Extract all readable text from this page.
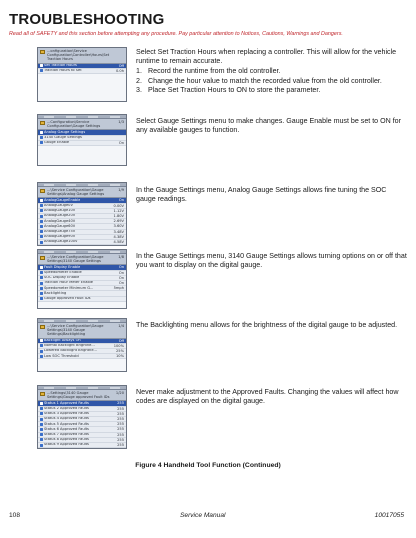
TROUBLESHOOTING
Read all of SAFETY and this section before attempting any procedure. Pay particular attention to Notices, Cautions, Warnings and Dangers.
...onfiguration\Service Configuration\Controller\Hours\Set Traction Hours
Set Traction Hours	Off
Traction Hours to Set	0.0h

Select Set Traction Hours when replacing a controller. This will allow for the vehicle runtime to remain accurate.

1. Record the runtime from the old controller.
2. Change the hour value to match the recorded value from the old controller.
3. Place Set Traction Hours to ON to store the parameter.
...Configuration\Service Configuration\Gauge Settings
1/3
Analog Gauge Settings
3140 Gauge Settings
Gauge Enable	On

Select Gauge Settings menu to make changes. Gauge Enable must be set to ON for any available gauges to function.

...\Service Configuration\Gauge Settings\Analog Gauge Settings
1/9
AnalogGaugeEnable	On
AnalogGauge0V	0.00V
AnalogGauge10V	1.12V
AnalogGauge20V	1.80V
AnalogGauge40V	2.69V
AnalogGauge60V	3.60V
AnalogGauge75V	3.48V
AnalogGauge90V	4.38V
AnalogGauge100V	4.58V

In the Gauge Settings menu, Analog Gauge Settings allows fine tuning the SOC gauge readings.

...\Service Configuration\Gauge Settings\3140 Gauge Settings
1/8
Fault Display Enable	On
Speedometer Enable	On
SOC Display Enable	On
Traction Hour Meter Enable	On
Speedometer Minimum G...	5mph
Backlighting
Gauge approved Fault IDs

In the Gauge Settings menu, 3140 Gauge Settings allows turning options on or off that you want to display on the digital gauge.

...\Service Configuration\Gauge Settings\3140 Gauge Settings\Backlighting
1/4
Backlight Always On	Off
Normal Backlight Brightne...	100%
Lowered Backlight Brightne...	25%
Low SOC Threshold	10%

The Backlighting menu allows for the brightness of the digital gauge to be adjusted.

...Settings\3140 Gauge Settings\Gauge approved Fault IDs
1/20
Status 1 Approved Faults	255
Status 2 Approved Faults	255
Status 3 Approved Faults	255
Status 4 Approved Faults	255
Status 5 Approved Faults	255
Status 6 Approved Faults	255
Status 7 Approved Faults	255
Status 8 Approved Faults	255
Status 9 Approved Faults	255

Never make adjustment to the Approved Faults. Changing the values will affect how codes are displayed on the digital gauge.

Figure 4 Handheld Tool Function (Continued)
108	Service Manual	10017055
